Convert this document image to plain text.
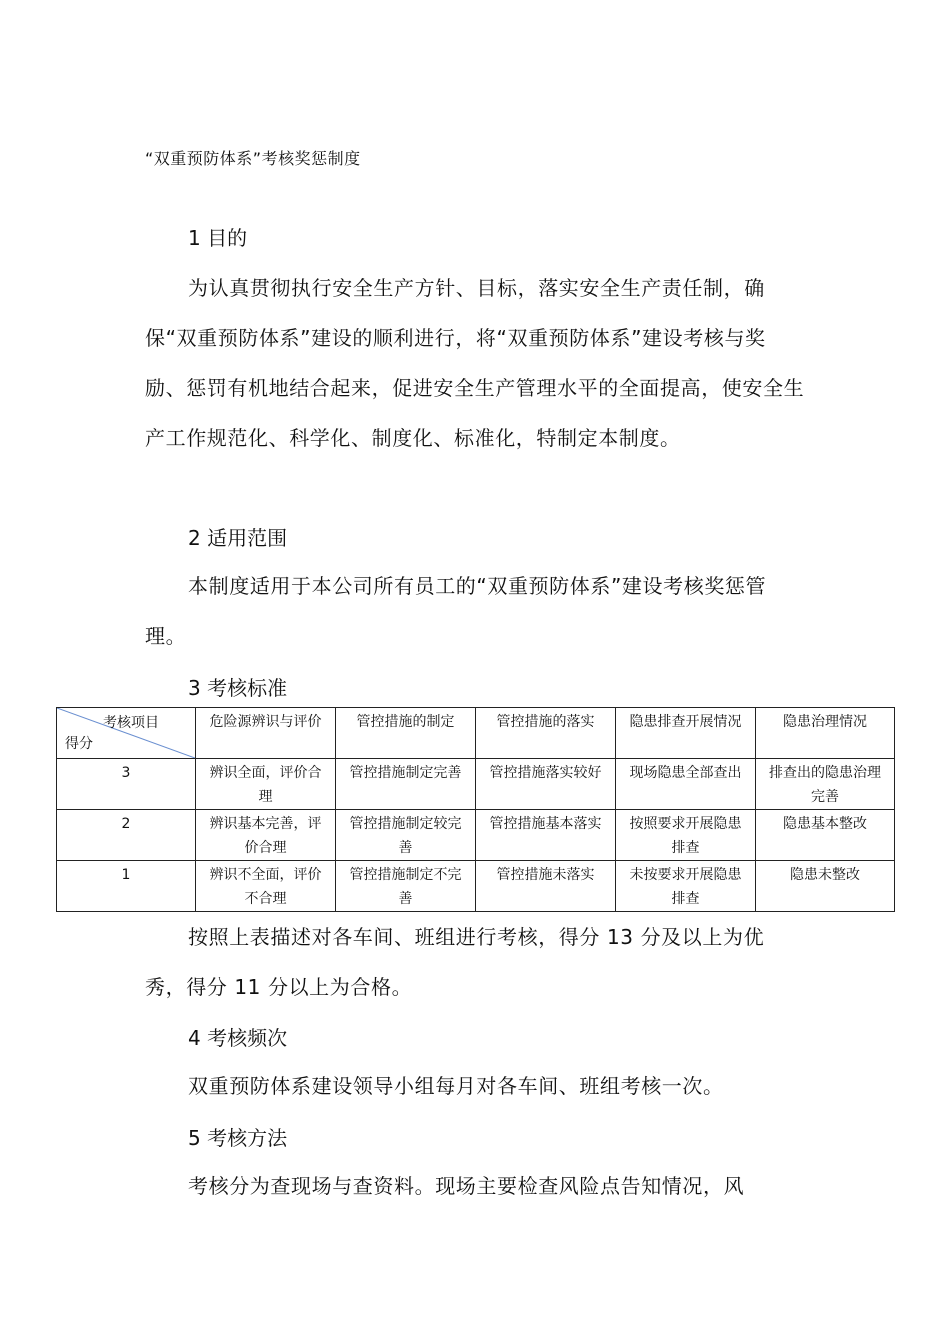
“双重预防体系”考核奖惩制度
1 目的

为认真贯彻执行安全生产方针、目标，落实安全生产责任制，确保“双重预防体系”建设的顺利进行，将“双重预防体系”建设考核与奖励、惩罚有机地结合起来，促进安全生产管理水平的全面提高，使安全生产工作规范化、科学化、制度化、标准化，特制定本制度。

2 适用范围

本制度适用于本公司所有员工的“双重预防体系”建设考核奖惩管理。

3 考核标准
考核项目
得分	危险源辨识与评价	管控措施的制定	管控措施的落实	隐患排查开展情况	隐患治理情况
3	辨识全面，评价合理	管控措施制定完善	管控措施落实较好	现场隐患全部查出	排查出的隐患治理完善
2	辨识基本完善，评价合理	管控措施制定较完善	管控措施基本落实	按照要求开展隐患排查	隐患基本整改
1	辨识不全面，评价不合理	管控措施制定不完善	管控措施未落实	未按要求开展隐患排查	隐患未整改

按照上表描述对各车间、班组进行考核，得分 13 分及以上为优秀，得分 11 分以上为合格。

4 考核频次

双重预防体系建设领导小组每月对各车间、班组考核一次。

5 考核方法

考核分为查现场与查资料。现场主要检查风险点告知情况，风
